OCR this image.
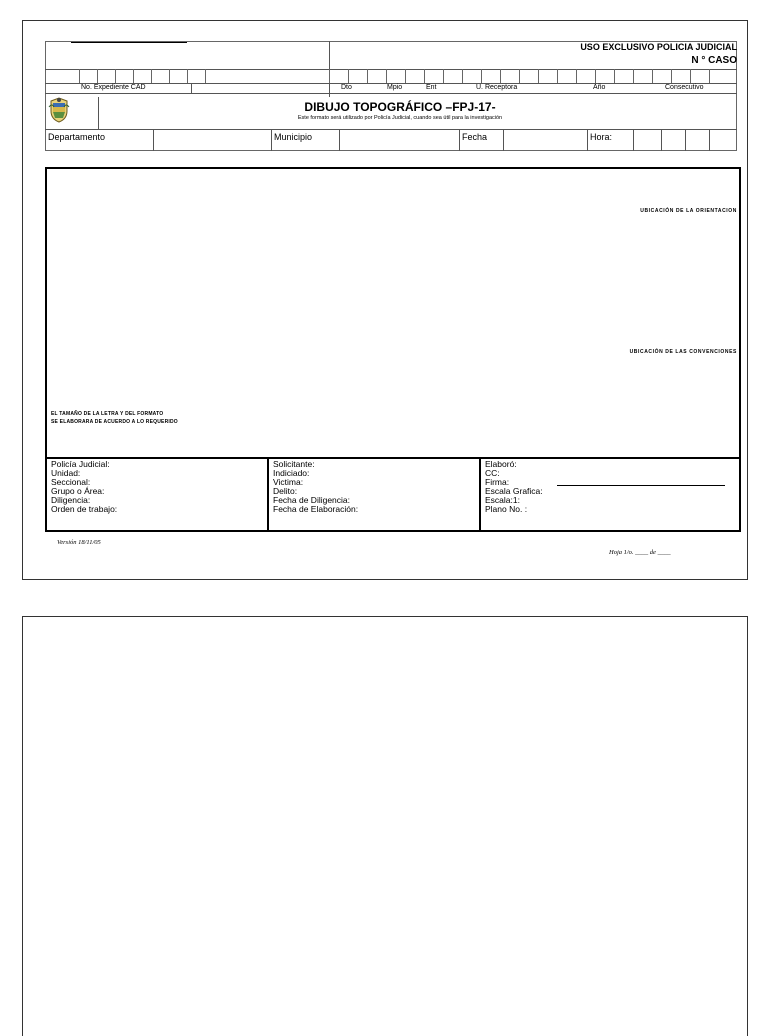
USO EXCLUSIVO POLICIA JUDICIAL
N ° CASO
No. Expediente CAD	Dto	Mpio	Ent	U. Receptora	Año	Consecutivo
DIBUJO TOPOGRÁFICO –FPJ-17-
Este formato será utilizado por Policía Judicial, cuando sea útil para la investigación
Departamento	Municipio	Fecha	Hora:
UBICACIÓN DE LA ORIENTACION
UBICACIÓN DE LAS CONVENCIONES
EL TAMAÑO DE LA LETRA Y DEL FORMATO
SE ELABORARA DE ACUERDO A LO REQUERIDO
Policía Judicial:
Unidad:
Seccional:
Grupo o Área:
Diligencia:
Orden de trabajo:
Solicitante:
Indiciado:
Victima:
Delito:
Fecha de Diligencia:
Fecha de Elaboración:
Elaboró:
CC:
Firma:
Escala Grafica:
Escala:1:
Plano No. :
Versión 18/11/05
Hoja 1/o. ____ de ____
